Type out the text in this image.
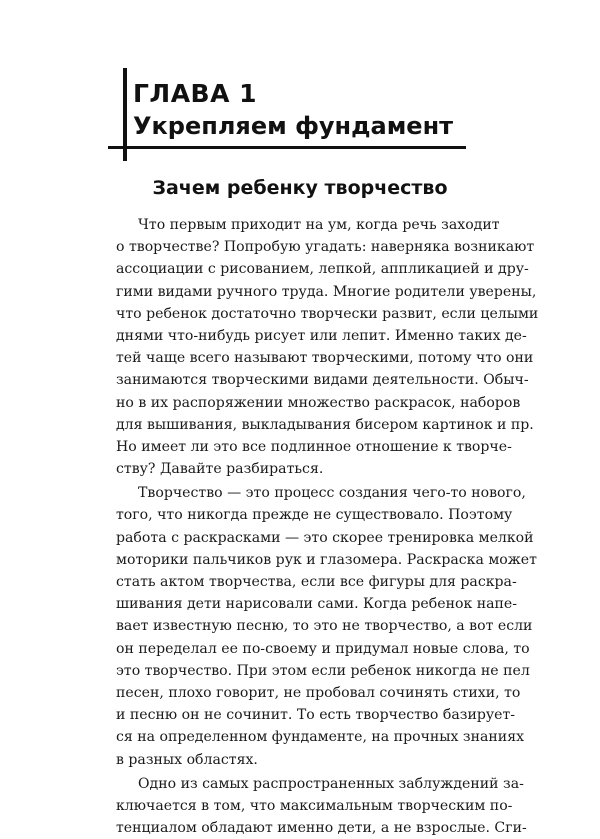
ГЛАВА 1
Укрепляем фундамент
Зачем ребенку творчество
Что первым приходит на ум, когда речь заходит
о творчестве? Попробую угадать: наверняка возникают
ассоциации с рисованием, лепкой, аппликацией и дру-
гими видами ручного труда. Многие родители уверены,
что ребенок достаточно творчески развит, если целыми
днями что-нибудь рисует или лепит. Именно таких де-
тей чаще всего называют творческими, потому что они
занимаются творческими видами деятельности. Обыч-
но в их распоряжении множество раскрасок, наборов
для вышивания, выкладывания бисером картинок и пр.
Но имеет ли это все подлинное отношение к творче-
ству? Давайте разбираться.
Творчество — это процесс создания чего-то нового,
того, что никогда прежде не существовало. Поэтому
работа с раскрасками — это скорее тренировка мелкой
моторики пальчиков рук и глазомера. Раскраска может
стать актом творчества, если все фигуры для раскра-
шивания дети нарисовали сами. Когда ребенок напе-
вает известную песню, то это не творчество, а вот если
он переделал ее по-своему и придумал новые слова, то
это творчество. При этом если ребенок никогда не пел
песен, плохо говорит, не пробовал сочинять стихи, то
и песню он не сочинит. То есть творчество базирует-
ся на определенном фундаменте, на прочных знаниях
в разных областях.
Одно из самых распространенных заблуждений за-
ключается в том, что максимальным творческим по-
тенциалом обладают именно дети, а не взрослые. Сги-
